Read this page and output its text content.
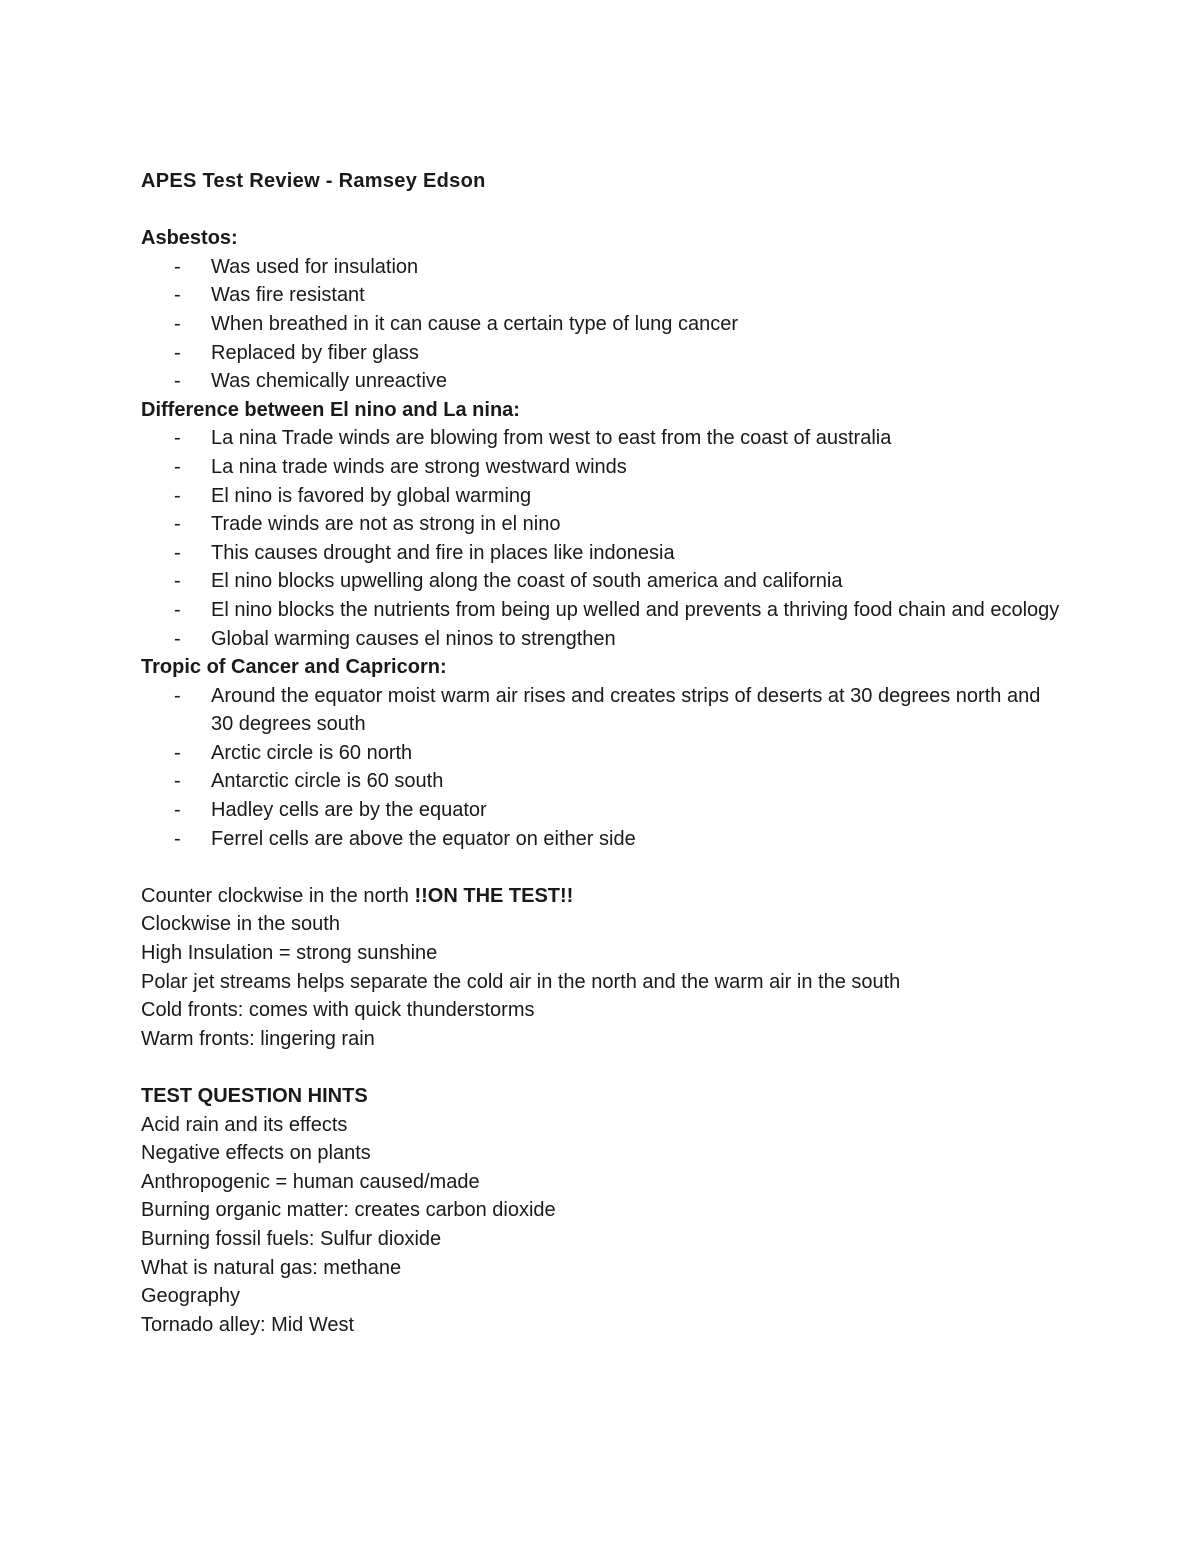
APES Test Review - Ramsey Edson
Asbestos:
- Was used for insulation
- Was fire resistant
- When breathed in it can cause a certain type of lung cancer
- Replaced by fiber glass
- Was chemically unreactive
Difference between El nino and La nina:
- La nina Trade winds are blowing from west to east from the coast of australia
- La nina trade winds are strong westward winds
- El nino is favored by global warming
- Trade winds are not as strong in el nino
- This causes drought and fire in places like indonesia
- El nino blocks upwelling along the coast of south america and california
- El nino blocks the nutrients from being up welled and prevents a thriving food chain and ecology
- Global warming causes el ninos to strengthen
Tropic of Cancer and Capricorn:
- Around the equator moist warm air rises and creates strips of deserts at 30 degrees north and 30 degrees south
- Arctic circle is 60 north
- Antarctic circle is 60 south
- Hadley cells are by the equator
- Ferrel cells are above the equator on either side
Counter clockwise in the north !!ON THE TEST!!
Clockwise in the south
High Insulation = strong sunshine
Polar jet streams helps separate the cold air in the north and the warm air in the south
Cold fronts: comes with quick thunderstorms
Warm fronts: lingering rain
TEST QUESTION HINTS
Acid rain and its effects
Negative effects on plants
Anthropogenic = human caused/made
Burning organic matter: creates carbon dioxide
Burning fossil fuels: Sulfur dioxide
What is natural gas: methane
Geography
Tornado alley: Mid West
